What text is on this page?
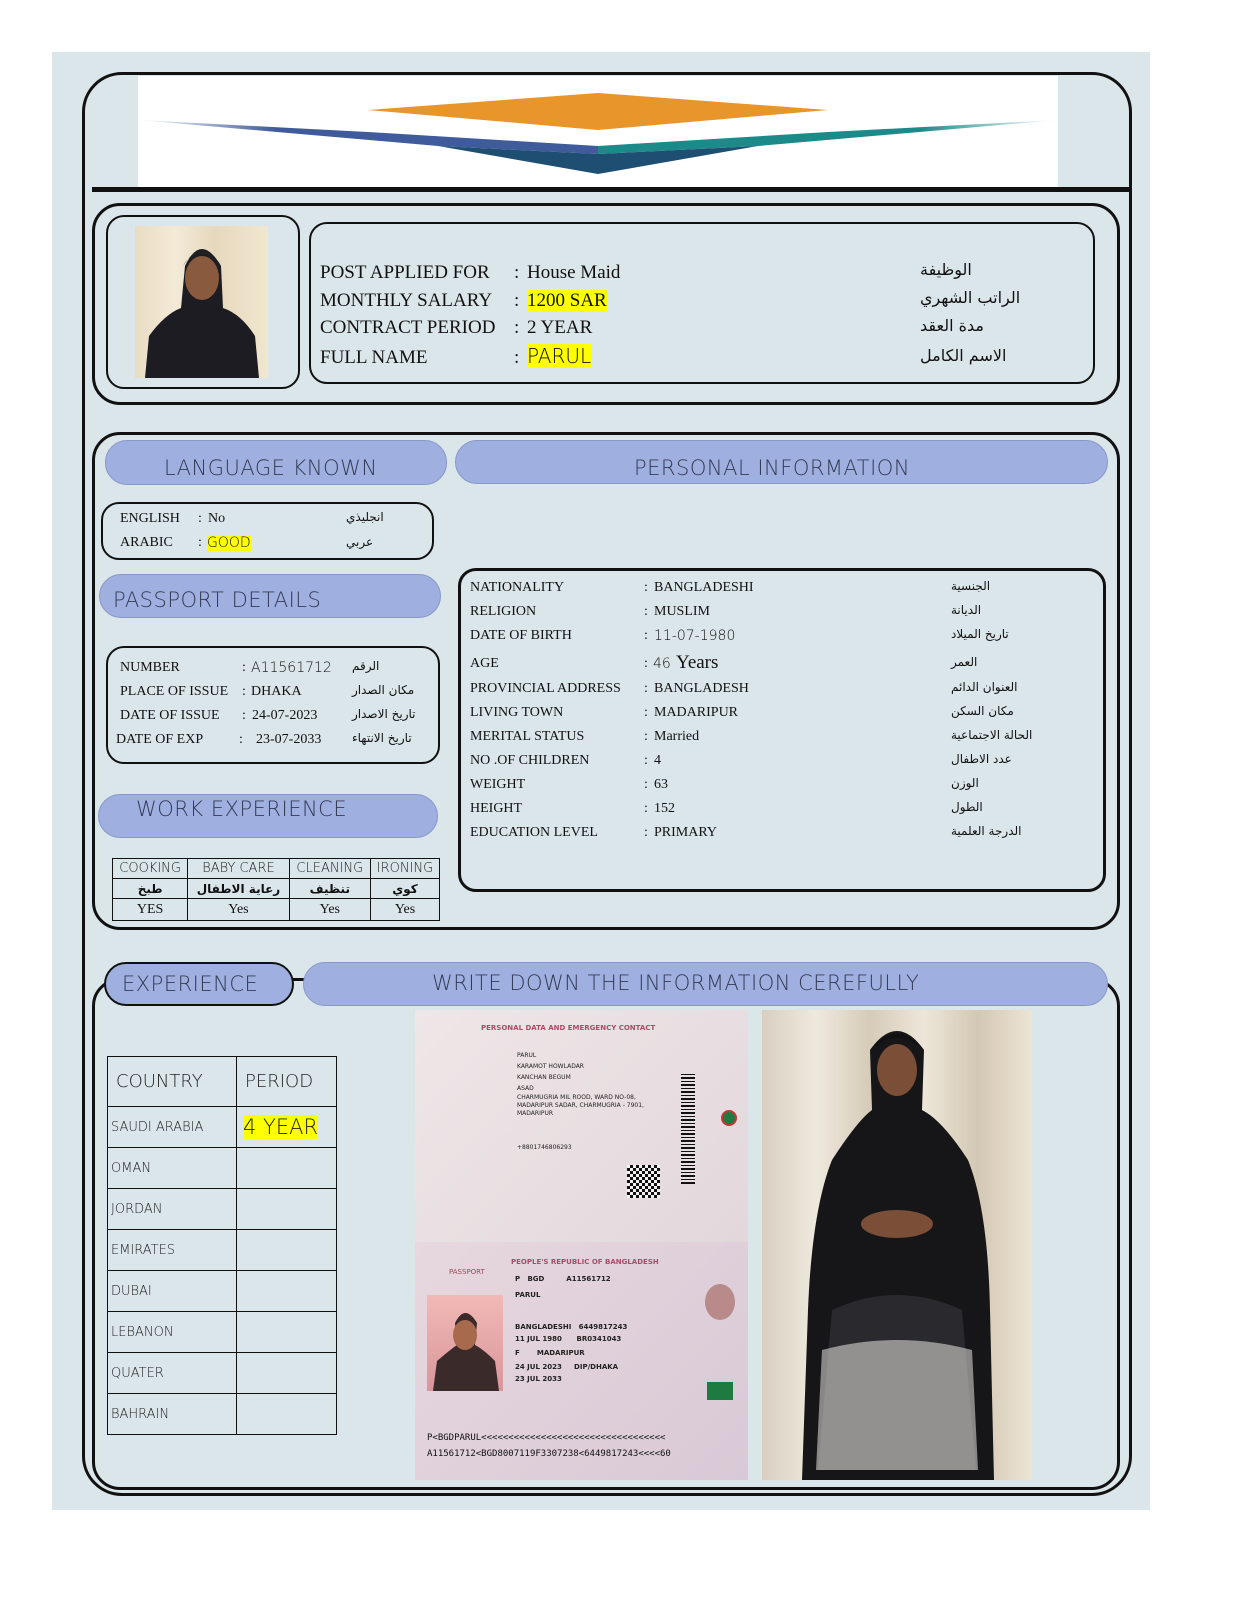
POST APPLIED FOR : House Maid	الوظيفة
MONTHLY SALARY : 1200 SAR	الراتب الشهري
CONTRACT PERIOD : 2 YEAR	مدة العقد
FULL NAME	: PARUL	الاسم الكامل
LANGUAGE KNOWN	PERSONAL INFORMATION
ENGLISH : No	انجليذي
ARABIC : GOOD	عربي
PASSPORT DETAILS
NUMBER	: A11561712 الرقم
PLACE OF ISSUE : DHAKA	مكان الصدار
DATE OF ISSUE : 24-07-2023	تاريخ الاصدار
DATE OF EXP	: 23-07-2033	تاريخ الانتهاء
WORK EXPERIENCE
COOKING	BABY CARE	CLEANING	IRONING
طبخ	رعاية الاطفال	تنظيف	كوي
YES	Yes	Yes	Yes
NATIONALITY	: BANGLADESHI	الجنسية
RELIGION	: MUSLIM	الديانة
DATE OF BIRTH	: 11-07-1980	تاريخ الميلاد
AGE	: 46 Years	العمر
PROVINCIAL ADDRESS : BANGLADESH	العنوان الدائم
LIVING TOWN	: MADARIPUR	مكان السكن
MERITAL STATUS	: Married	الحالة الاجتماعية
NO .OF CHILDREN	: 4	عدد الاطفال
WEIGHT	: 63	الوزن
HEIGHT	: 152	الطول
EDUCATION LEVEL	: PRIMARY	الدرجة العلمية
EXPERIENCE	WRITE DOWN THE INFORMATION CEREFULLY
COUNTRY	PERIOD
SAUDI ARABIA	4 YEAR
OMAN	
JORDAN	
EMIRATES	
DUBAI	
LEBANON	
QUATER	
BAHRAIN	
PERSONAL DATA AND EMERGENCY CONTACT
PARUL
KARAMOT HOWLADAR
KANCHAN BEGUM
ASAD
CHARMUGRIA MIL ROOD, WARD NO-08, MADARIPUR SADAR, CHARMUGRIA - 7901, MADARIPUR
+8801746806293
PEOPLE'S REPUBLIC OF BANGLADESH
PASSPORT
P BGD	A11561712
PARUL
BANGLADESHI 6449817243
11 JUL 1980 BR0341043
F MADARIPUR
24 JUL 2023 DIP/DHAKA
23 JUL 2033
P<BGDPARUL<<<<<<<<<<<<<<<<<<<<<<<<<<<<<<<<<<
A11561712<BGD8007119F3307238<6449817243<<<<60
